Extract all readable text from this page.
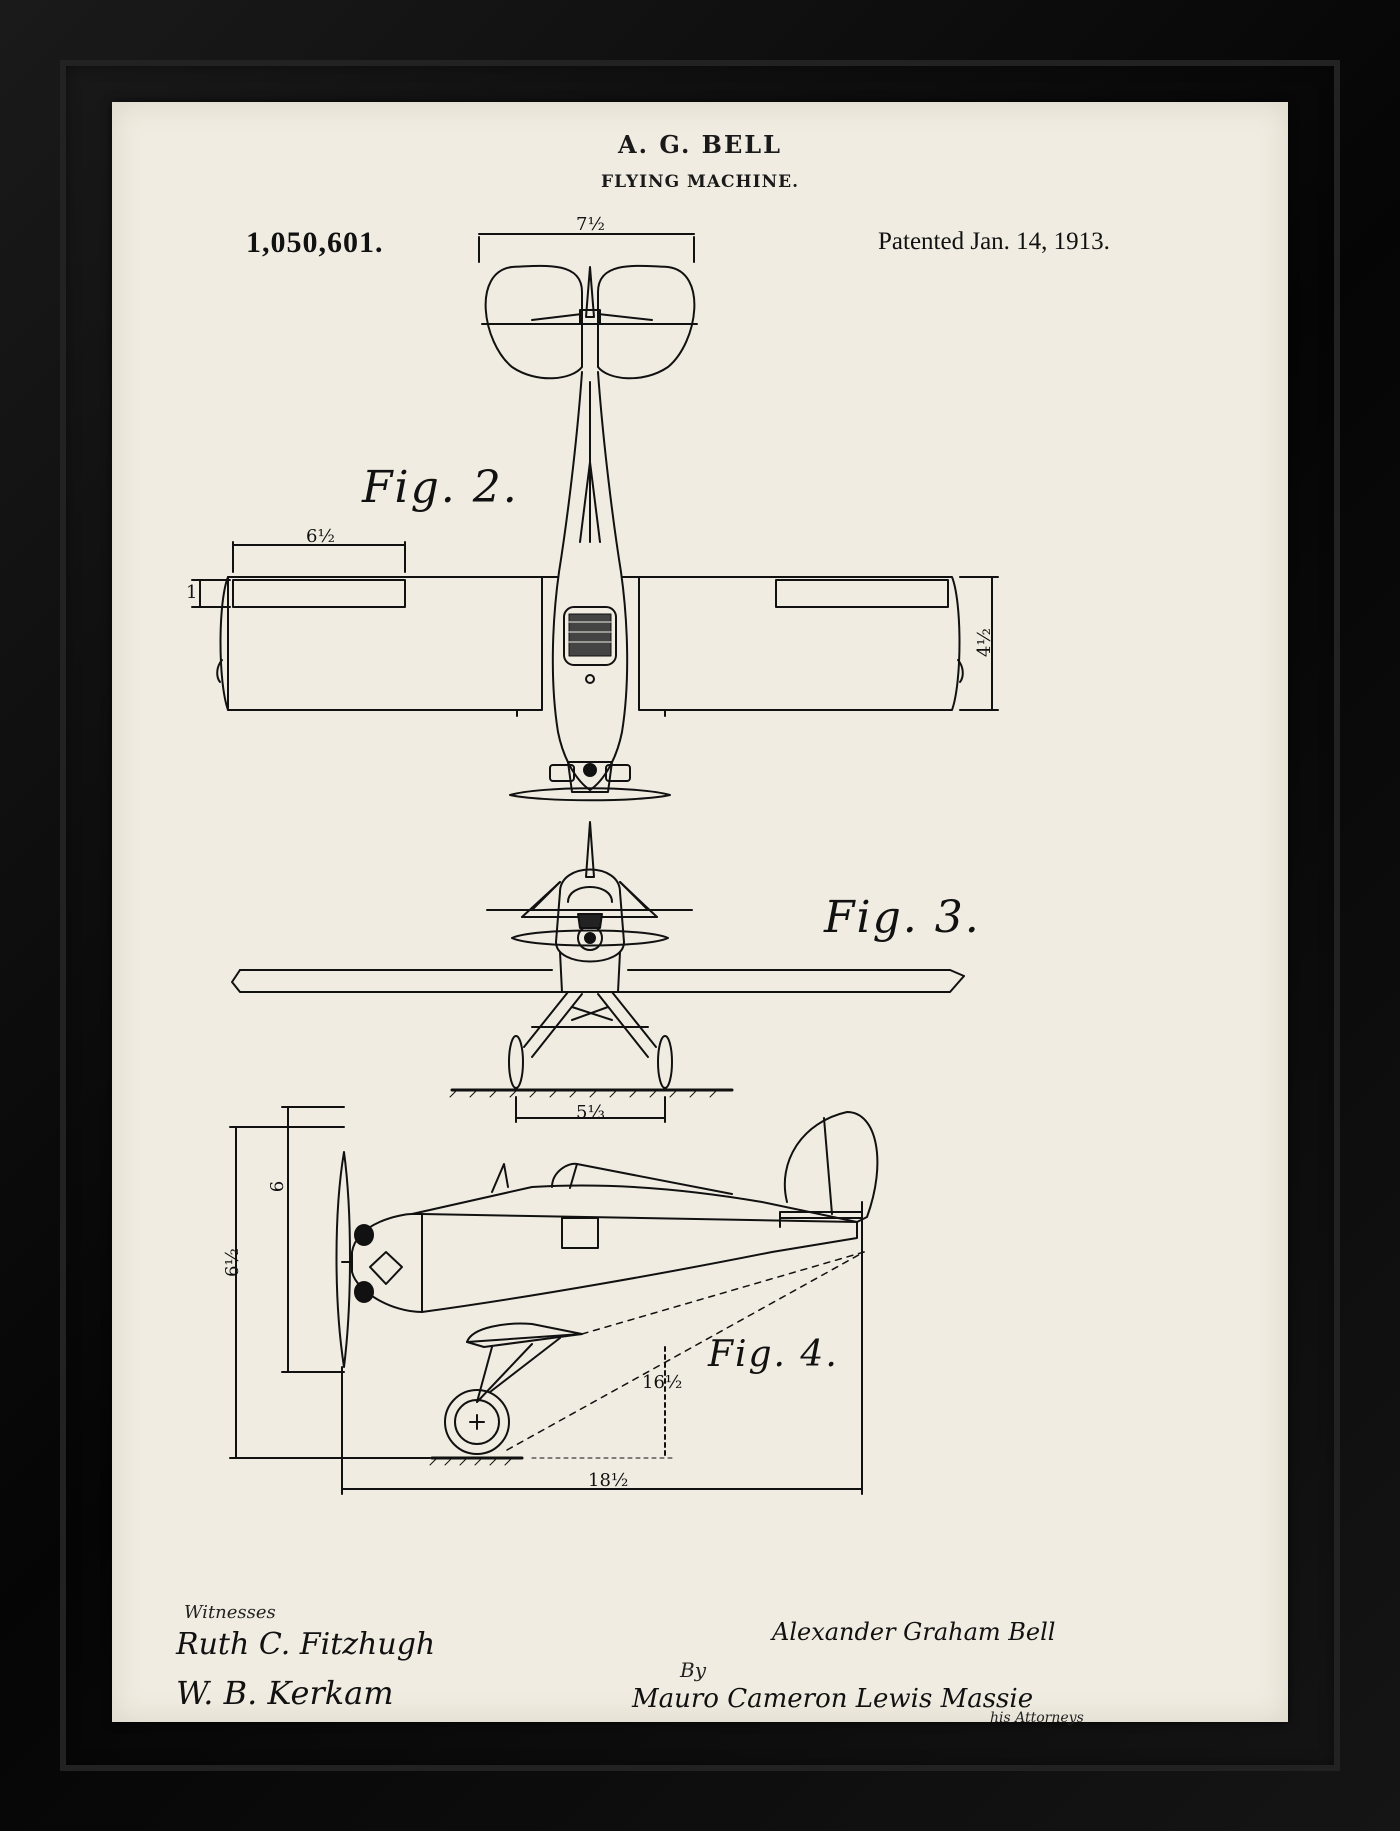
A. G. BELL
FLYING MACHINE.
1,050,601.	Patented Jan. 14, 1913.
Fig. 2.
Fig. 3.
Fig. 4.
7½
6½
1
4½
5⅓
6½
6
16½
18½
Witnesses
Ruth C. Fitzhugh
W. B. Kerkam
Alexander Graham Bell
By
Mauro Cameron Lewis Massie
his Attorneys
